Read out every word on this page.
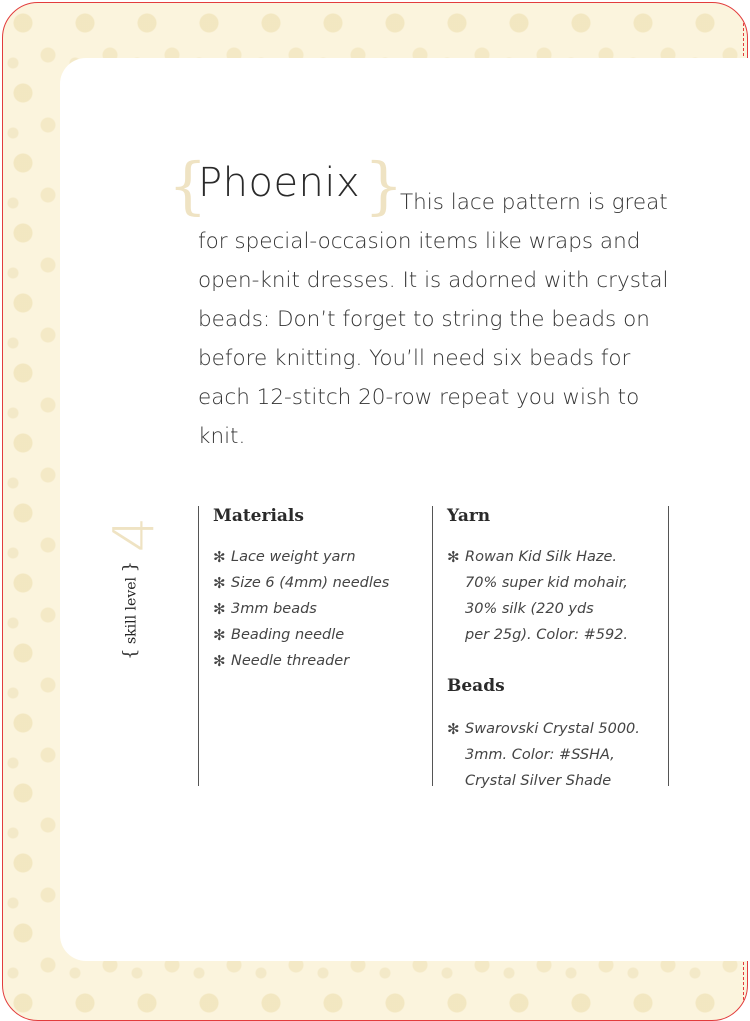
{
Phoenix }
This lace pattern is great for special-occasion items like wraps and open-knit dresses. It is adorned with crystal beads: Don’t forget to string the beads on before knitting. You’ll need six beads for each 12-stitch 20-row repeat you wish to knit.
4
{ skill level }
Materials
✻ Lace weight yarn
✻ Size 6 (4mm) needles
✻ 3mm beads
✻ Beading needle
✻ Needle threader
Yarn
✻ Rowan Kid Silk Haze.
70% super kid mohair,
30% silk (220 yds
per 25g). Color: #592.
Beads
✻ Swarovski Crystal 5000.
3mm. Color: #SSHA,
Crystal Silver Shade
